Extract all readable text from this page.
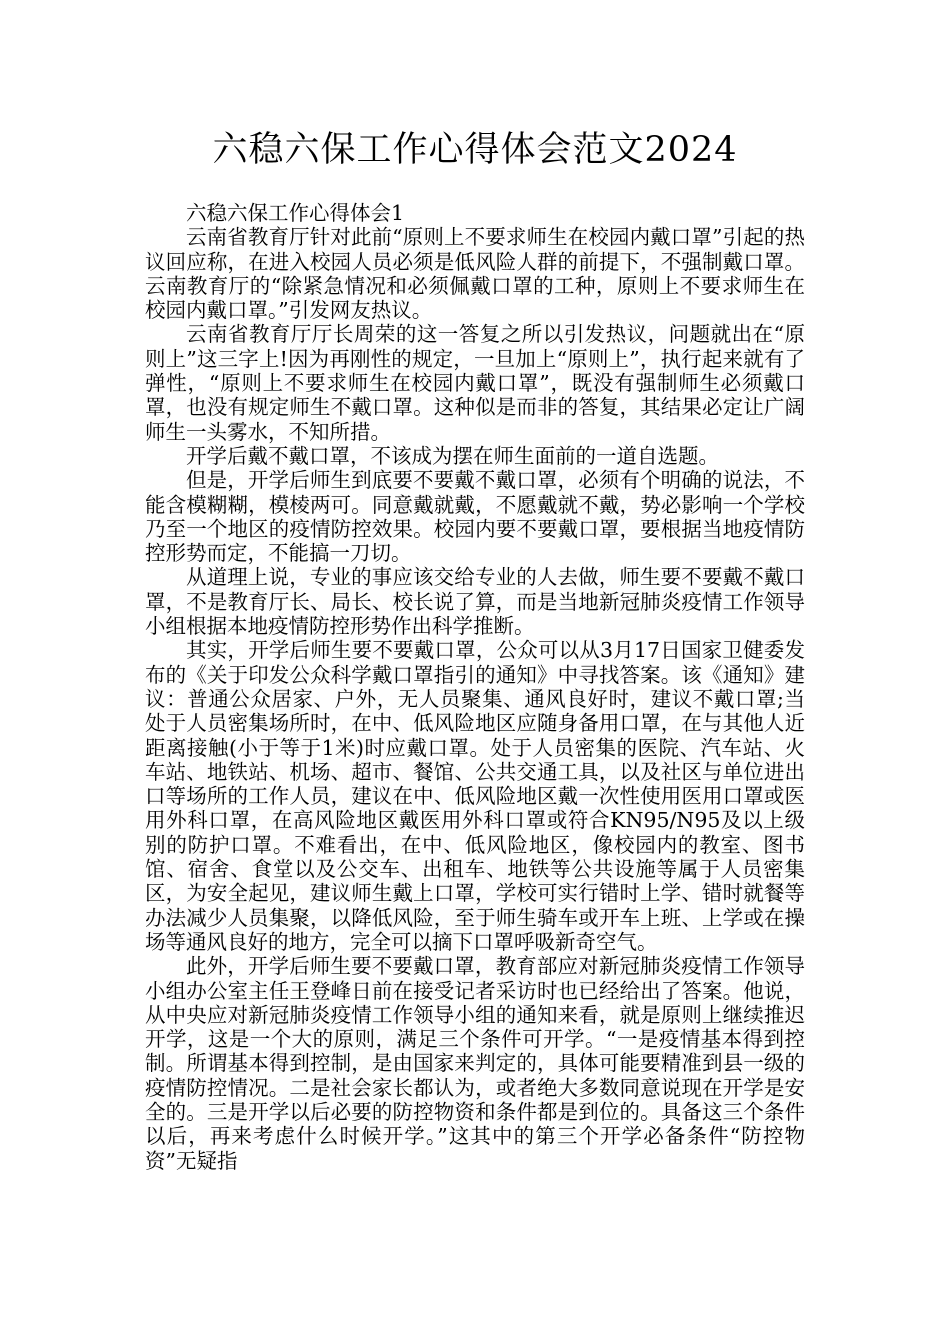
六稳六保工作心得体会范文2024

六稳六保工作心得体会1

云南省教育厅针对此前“原则上不要求师生在校园内戴口罩”引起的热议回应称，在进入校园人员必须是低风险人群的前提下，不强制戴口罩。云南教育厅的“除紧急情况和必须佩戴口罩的工种，原则上不要求师生在校园内戴口罩。”引发网友热议。

云南省教育厅厅长周荣的这一答复之所以引发热议，问题就出在“原则上”这三字上!因为再刚性的规定，一旦加上“原则上”，执行起来就有了弹性，“原则上不要求师生在校园内戴口罩”，既没有强制师生必须戴口罩，也没有规定师生不戴口罩。这种似是而非的答复，其结果必定让广阔师生一头雾水，不知所措。

开学后戴不戴口罩，不该成为摆在师生面前的一道自选题。

但是，开学后师生到底要不要戴不戴口罩，必须有个明确的说法，不能含模糊糊，模棱两可。同意戴就戴，不愿戴就不戴，势必影响一个学校乃至一个地区的疫情防控效果。校园内要不要戴口罩，要根据当地疫情防控形势而定，不能搞一刀切。

从道理上说，专业的事应该交给专业的人去做，师生要不要戴不戴口罩，不是教育厅长、局长、校长说了算，而是当地新冠肺炎疫情工作领导小组根据本地疫情防控形势作出科学推断。

其实，开学后师生要不要戴口罩，公众可以从3月17日国家卫健委发布的《关于印发公众科学戴口罩指引的通知》中寻找答案。该《通知》建议：普通公众居家、户外，无人员聚集、通风良好时，建议不戴口罩;当处于人员密集场所时，在中、低风险地区应随身备用口罩，在与其他人近距离接触(小于等于1米)时应戴口罩。处于人员密集的医院、汽车站、火车站、地铁站、机场、超市、餐馆、公共交通工具，以及社区与单位进出口等场所的工作人员，建议在中、低风险地区戴一次性使用医用口罩或医用外科口罩，在高风险地区戴医用外科口罩或符合KN95/N95及以上级别的防护口罩。不难看出，在中、低风险地区，像校园内的教室、图书馆、宿舍、食堂以及公交车、出租车、地铁等公共设施等属于人员密集区，为安全起见，建议师生戴上口罩，学校可实行错时上学、错时就餐等办法减少人员集聚，以降低风险，至于师生骑车或开车上班、上学或在操场等通风良好的地方，完全可以摘下口罩呼吸新奇空气。

此外，开学后师生要不要戴口罩，教育部应对新冠肺炎疫情工作领导小组办公室主任王登峰日前在接受记者采访时也已经给出了答案。他说，从中央应对新冠肺炎疫情工作领导小组的通知来看，就是原则上继续推迟开学，这是一个大的原则，满足三个条件可开学。“一是疫情基本得到控制。所谓基本得到控制，是由国家来判定的，具体可能要精准到县一级的疫情防控情况。二是社会家长都认为，或者绝大多数同意说现在开学是安全的。三是开学以后必要的防控物资和条件都是到位的。具备这三个条件以后，再来考虑什么时候开学。”这其中的第三个开学必备条件“防控物资”无疑指
